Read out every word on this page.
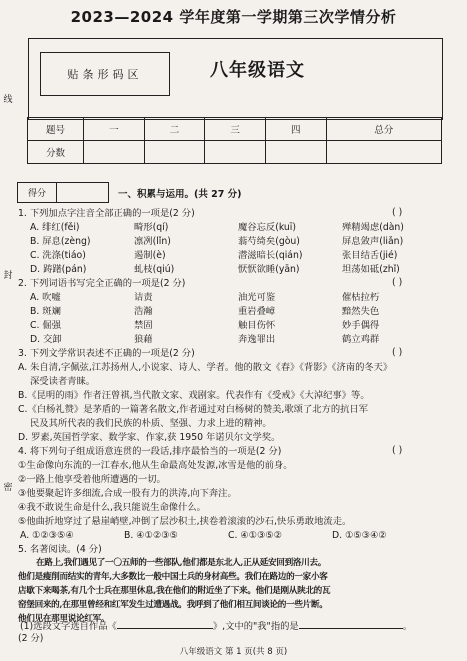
2023—2024 学年度第一学期第三次学情分析
贴条形码区	八年级语文
题号	一	二	三	四	总分
分数					
线
封
密
得分	一、积累与运用。(共 27 分)
1. 下列加点字注音全部正确的一项是(2 分)	( )
A. 绯红(fěi)	畸形(qí)	魔谷忘反(kuī)	殚精竭虑(dàn)
B. 屏息(zèng)	凛冽(lǐn)	蓊芍绮矣(gòu)	屏息敛声(liǎn)
C. 洗涤(tiáo)	遏制(è)	潜滋暗长(qián)	张目结舌(jié)
D. 踌躇(pán)	虬枝(qiú)	恹恹欲睡(yān)	坦荡如砥(zhǐ)
2. 下列词语书写完全正确的一项是(2 分)	( )
A. 吹嘘	诘责	油光可鉴	催枯拉朽
B. 斑斓	浩瀚	重岩叠嶂	黯然失色
C. 倔强	禁固	触目伤怀	妙手偶得
D. 交卸	狼藉	奔逸罪出	鹤立鸡群
3. 下列文学常识表述不正确的一项是(2 分)	( )
A. 朱自清,字佩弦,江苏扬州人,小说家、诗人、学者。他的散文《春》《背影》《济南的冬天》
深受读者青睐。
B.《昆明的雨》作者汪曾祺,当代散文家、戏剧家。代表作有《受戒》《大淖纪事》等。
C.《白杨礼赞》是茅盾的一篇著名散文,作者通过对白杨树的赞美,歌颂了北方的抗日军
民及其所代表的我们民族的朴质、坚强、力求上进的精神。
D. 罗素,英国哲学家、数学家、作家,获 1950 年诺贝尔文学奖。
4. 将下列句子组成语意连贯的一段话,排序最恰当的一项是(2 分)	( )
①生命像向东流的一江春水,他从生命最高处发源,冰雪是他的前身。
②一路上他享受着他所遭遇的一切。
③他要聚起许多细流,合成一股有力的洪涛,向下奔注。
④我不敢说生命是什么,我只能说生命像什么。
⑤他曲折地穿过了悬崖峭壁,冲倒了层沙积土,挟卷着滚滚的沙石,快乐勇敢地流走。
A. ①②③⑤④	B. ④①②③⑤	C. ④①③⑤②	D. ①⑤③④②
5. 名著阅读。(4 分)
在路上,我们遇见了一〇五师的一些部队,他们都是东北人,正从延安回到洛川去。
他们是瘦削而结实的青年,大多数比一般中国士兵的身材高些。我们在路边的一家小客
店歇下来喝茶,有几个士兵在那里休息,我在他们的附近坐了下来。他们是刚从陕北的瓦
窑堡回来的,在那里曾经和红军发生过遭遇战。我呼到了他们相互间谈论的一些片断。
他们见在那里说论红军。
(1)选段文字选自作品《	》,文中的"我"指的是	。
(2 分)
八年级语文 第 1 页(共 8 页)
